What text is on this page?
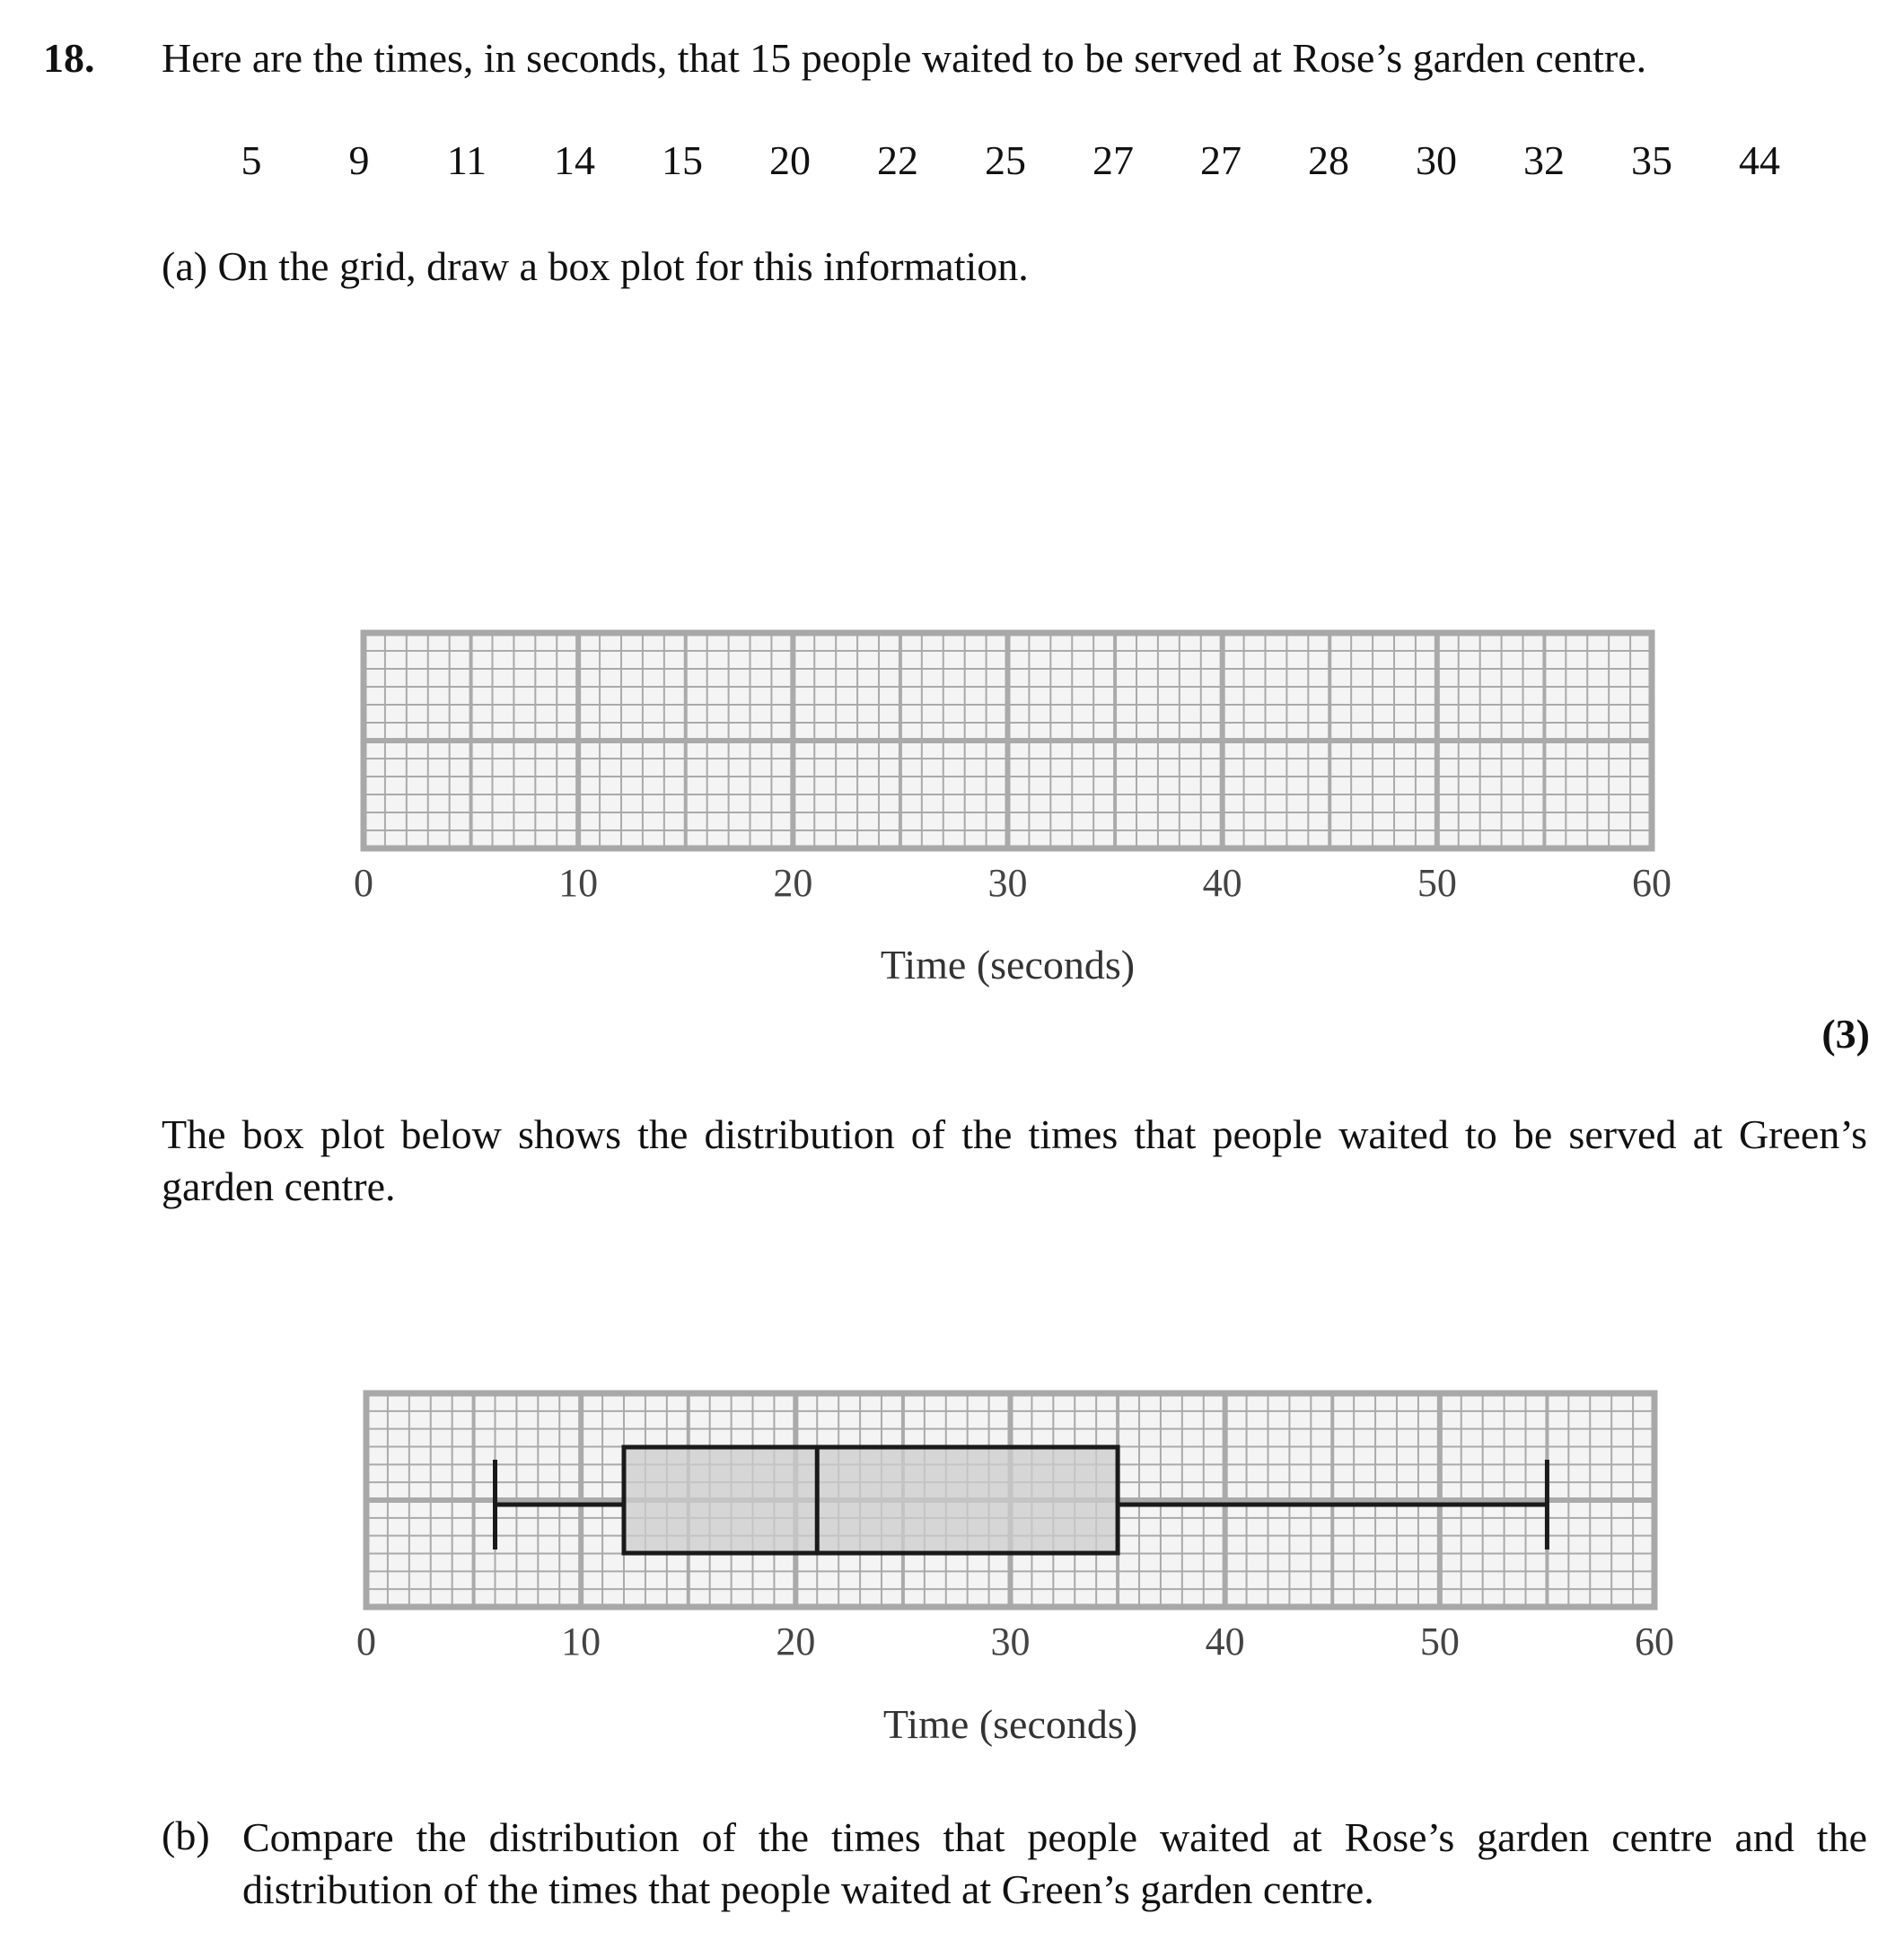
18. Here are the times, in seconds, that 15 people waited to be served at Rose’s garden centre.
5 9 11 14 15 20 22 25 27 27 28 30 32 35 44
(a) On the grid, draw a box plot for this information.
0	10	20	30	40	50	60
Time (seconds)
0	10	20	30	40	50	60
Time (seconds)
(3)
The box plot below shows the distribution of the times that people waited to be served at Green’s garden centre.
(b) Compare the distribution of the times that people waited at Rose’s garden centre and the distribution of the times that people waited at Green’s garden centre.
